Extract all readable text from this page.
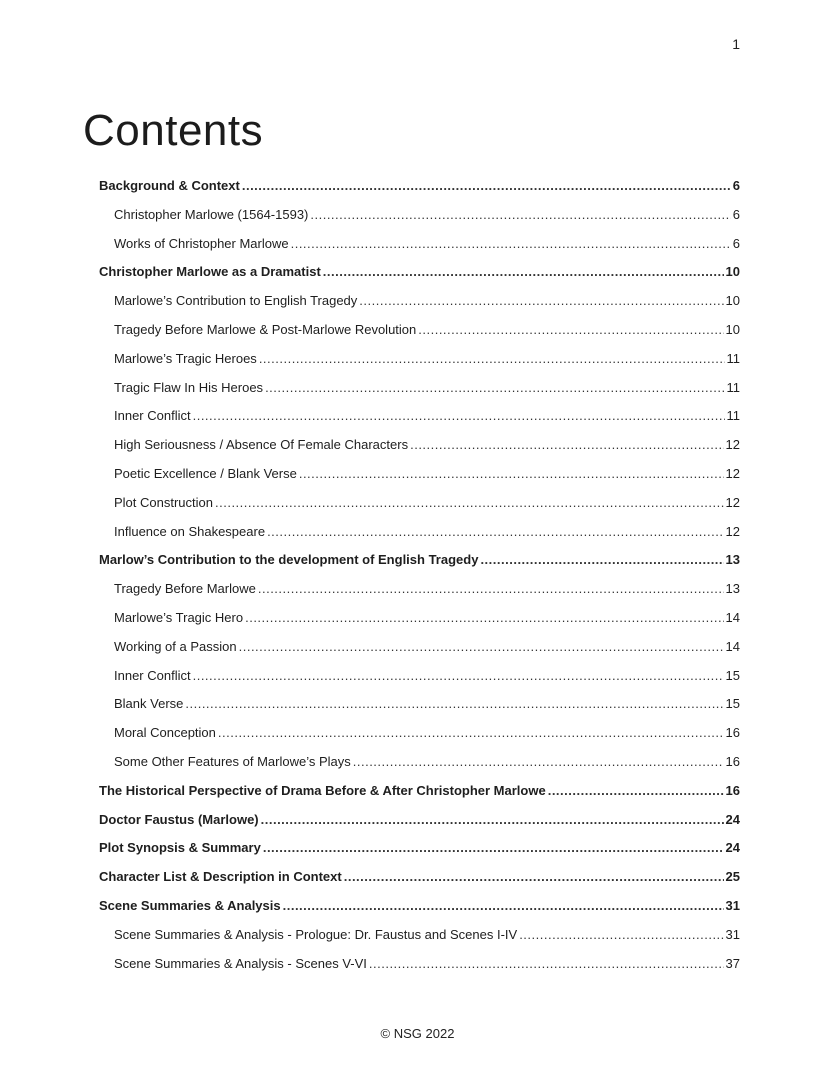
1
Contents
Background & Context .....	6
Christopher Marlowe (1564-1593) .....	6
Works of Christopher Marlowe .....	6
Christopher Marlowe as a Dramatist .....	10
Marlowe’s Contribution to English Tragedy .....	10
Tragedy Before Marlowe & Post-Marlowe Revolution .....	10
Marlowe’s Tragic Heroes .....	11
Tragic Flaw In His Heroes .....	11
Inner Conflict .....	11
High Seriousness / Absence Of Female Characters .....	12
Poetic Excellence / Blank Verse .....	12
Plot Construction .....	12
Influence on Shakespeare .....	12
Marlow’s Contribution to the development of English Tragedy .....	13
Tragedy Before Marlowe .....	13
Marlowe’s Tragic Hero .....	14
Working of a Passion .....	14
Inner Conflict .....	15
Blank Verse .....	15
Moral Conception .....	16
Some Other Features of Marlowe’s Plays .....	16
The Historical Perspective of Drama Before & After Christopher Marlowe .....	16
Doctor Faustus (Marlowe) .....	24
Plot Synopsis & Summary .....	24
Character List & Description in Context .....	25
Scene Summaries & Analysis .....	31
Scene Summaries & Analysis - Prologue: Dr. Faustus and Scenes I-IV .....	31
Scene Summaries & Analysis - Scenes V-VI .....	37
© NSG 2022
